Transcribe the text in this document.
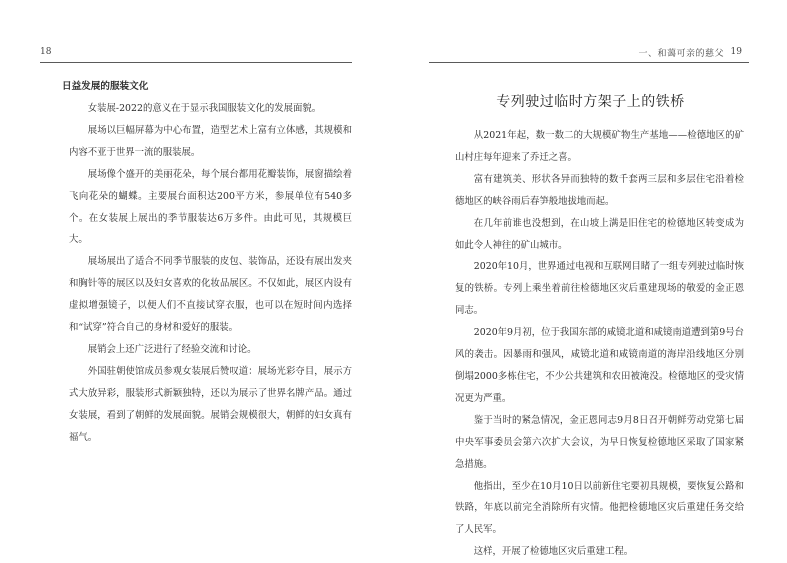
18
日益发展的服装文化

女装展-2022的意义在于显示我国服装文化的发展面貌。

展场以巨幅屏幕为中心布置，造型艺术上富有立体感，其规模和内容不亚于世界一流的服装展。

展场像个盛开的美丽花朵，每个展台都用花瓣装饰，展窗描绘着飞向花朵的蝴蝶。主要展台面积达200平方米，参展单位有540多个。在女装展上展出的季节服装达6万多件。由此可见，其规模巨大。

展场展出了适合不同季节服装的皮包、装饰品，还设有展出发夹和胸针等的展区以及妇女喜欢的化妆品展区。不仅如此，展区内设有虚拟增强镜子，以便人们不直接试穿衣服，也可以在短时间内选择和“试穿”符合自己的身材和爱好的服装。

展销会上还广泛进行了经验交流和讨论。

外国驻朝使馆成员参观女装展后赞叹道：展场光彩夺目，展示方式大放异彩，服装形式新颖独特，还以为展示了世界名牌产品。通过女装展，看到了朝鲜的发展面貌。展销会规模很大，朝鲜的妇女真有福气。

一、和蔼可亲的慈父 19
专列驶过临时方架子上的铁桥

从2021年起，数一数二的大规模矿物生产基地——检德地区的矿山村庄每年迎来了乔迁之喜。

富有建筑美、形状各异而独特的数千套两三层和多层住宅沿着检德地区的峡谷雨后春笋般地拔地而起。

在几年前谁也没想到，在山坡上满是旧住宅的检德地区转变成为如此令人神往的矿山城市。

2020年10月，世界通过电视和互联网目睹了一组专列驶过临时恢复的铁桥。专列上乘坐着前往检德地区灾后重建现场的敬爱的金正恩同志。

2020年9月初，位于我国东部的咸镜北道和咸镜南道遭到第9号台风的袭击。因暴雨和强风，咸镜北道和咸镜南道的海岸沿线地区分别倒塌2000多栋住宅，不少公共建筑和农田被淹没。检德地区的受灾情况更为严重。

鉴于当时的紧急情况，金正恩同志9月8日召开朝鲜劳动党第七届中央军事委员会第六次扩大会议，为早日恢复检德地区采取了国家紧急措施。

他指出，至少在10月10日以前新住宅要初具规模，要恢复公路和铁路，年底以前完全消除所有灾情。他把检德地区灾后重建任务交给了人民军。

这样，开展了检德地区灾后重建工程。
